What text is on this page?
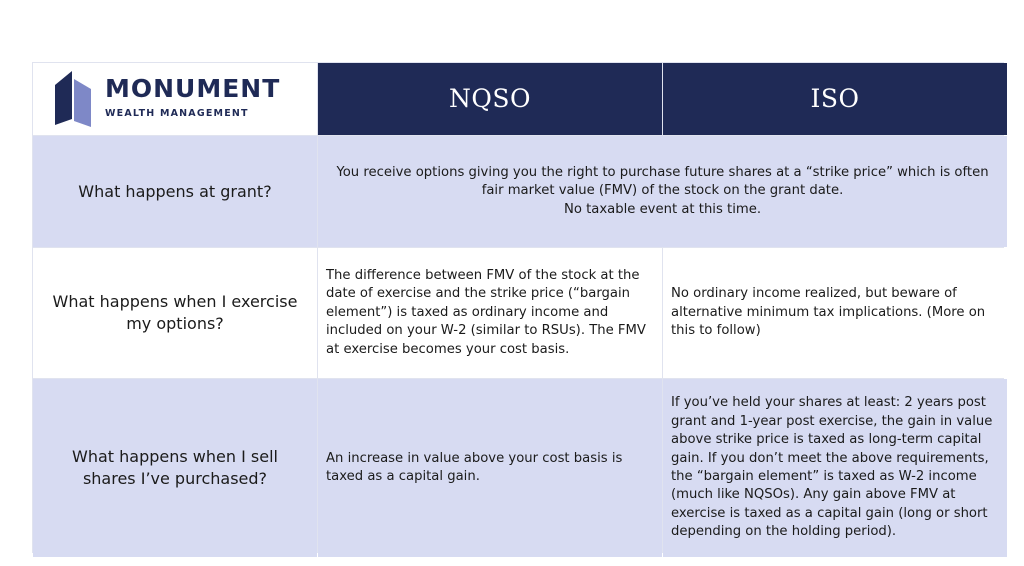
MONUMENT
WEALTH MANAGEMENT
NQSO	ISO
What happens at grant?
You receive options giving you the right to purchase future shares at a “strike price” which is often fair market value (FMV) of the stock on the grant date.
No taxable event at this time.
What happens when I exercise my options?
The difference between FMV of the stock at the date of exercise and the strike price (“bargain element”) is taxed as ordinary income and included on your W-2 (similar to RSUs). The FMV at exercise becomes your cost basis.
No ordinary income realized, but beware of alternative minimum tax implications. (More on this to follow)
What happens when I sell shares I’ve purchased?
An increase in value above your cost basis is taxed as a capital gain.
If you’ve held your shares at least: 2 years post grant and 1-year post exercise, the gain in value above strike price is taxed as long-term capital gain. If you don’t meet the above requirements, the “bargain element” is taxed as W-2 income (much like NQSOs). Any gain above FMV at exercise is taxed as a capital gain (long or short depending on the holding period).
